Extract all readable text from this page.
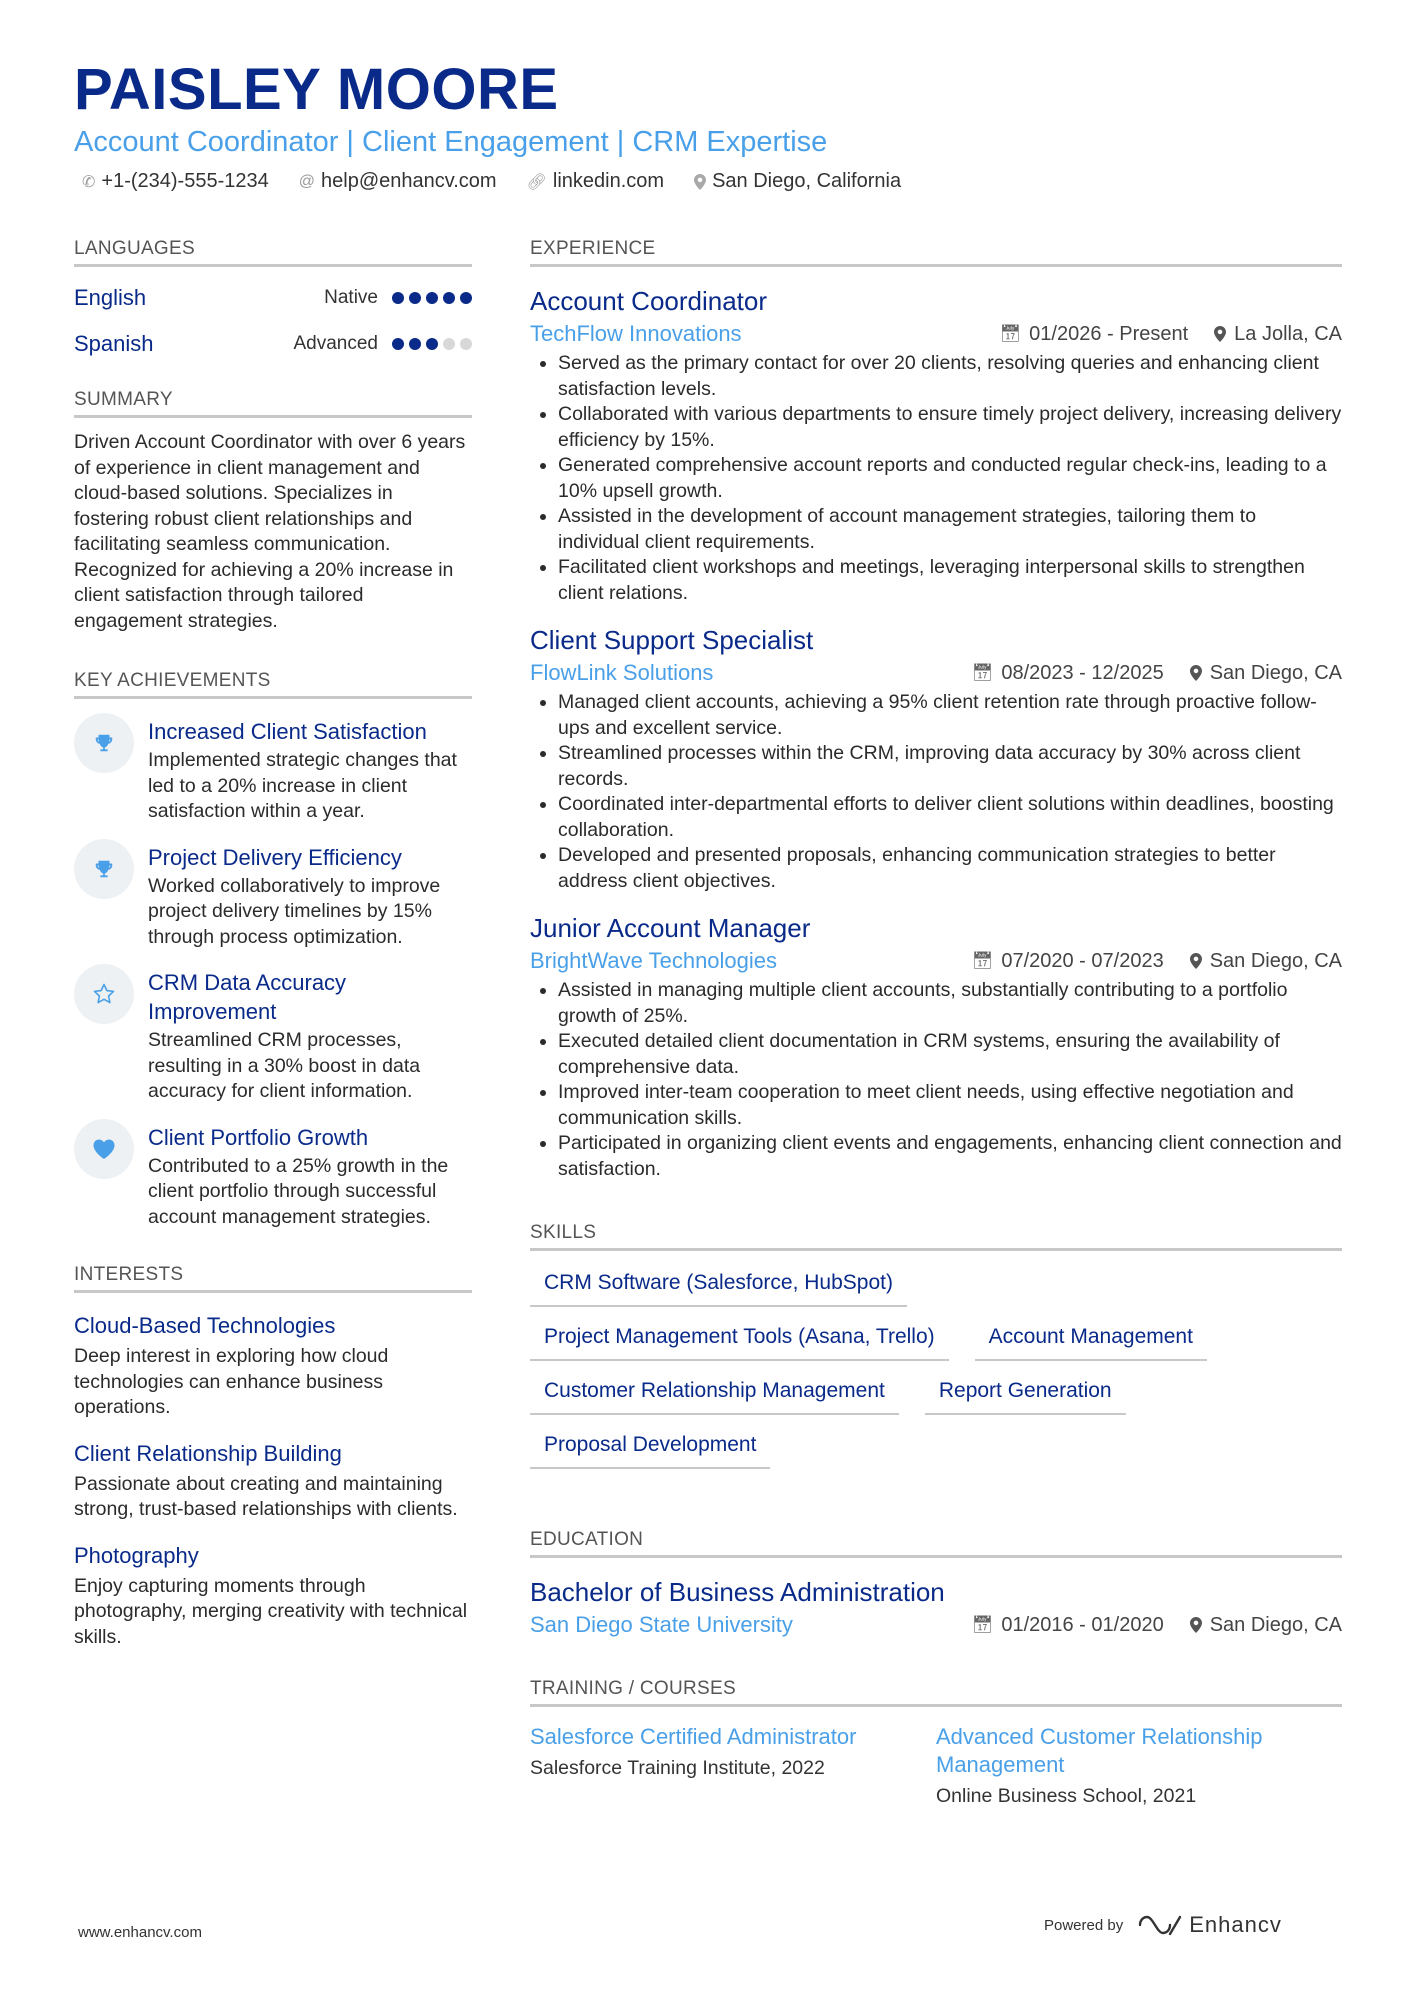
PAISLEY MOORE
Account Coordinator | Client Engagement | CRM Expertise
✆ +1-(234)-555-1234 @ help@enhancv.com 🔗︎ linkedin.com San Diego, California
LANGUAGES
English	Native
Spanish	Advanced
SUMMARY
Driven Account Coordinator with over 6 years of experience in client management and cloud-based solutions. Specializes in fostering robust client relationships and facilitating seamless communication. Recognized for achieving a 20% increase in client satisfaction through tailored engagement strategies.
KEY ACHIEVEMENTS
Increased Client Satisfaction
Implemented strategic changes that led to a 20% increase in client satisfaction within a year.
Project Delivery Efficiency
Worked collaboratively to improve project delivery timelines by 15% through process optimization.
CRM Data Accuracy Improvement
Streamlined CRM processes, resulting in a 30% boost in data accuracy for client information.
Client Portfolio Growth
Contributed to a 25% growth in the client portfolio through successful account management strategies.
INTERESTS
Cloud-Based Technologies
Deep interest in exploring how cloud technologies can enhance business operations.
Client Relationship Building
Passionate about creating and maintaining strong, trust-based relationships with clients.
Photography
Enjoy capturing moments through photography, merging creativity with technical skills.
EXPERIENCE
Account Coordinator
TechFlow Innovations	📅︎ 01/2026 - Present La Jolla, CA
• Served as the primary contact for over 20 clients, resolving queries and enhancing client satisfaction levels.
• Collaborated with various departments to ensure timely project delivery, increasing delivery efficiency by 15%.
• Generated comprehensive account reports and conducted regular check-ins, leading to a 10% upsell growth.
• Assisted in the development of account management strategies, tailoring them to individual client requirements.
• Facilitated client workshops and meetings, leveraging interpersonal skills to strengthen client relations.
Client Support Specialist
FlowLink Solutions	📅︎ 08/2023 - 12/2025 San Diego, CA
• Managed client accounts, achieving a 95% client retention rate through proactive follow-ups and excellent service.
• Streamlined processes within the CRM, improving data accuracy by 30% across client records.
• Coordinated inter-departmental efforts to deliver client solutions within deadlines, boosting collaboration.
• Developed and presented proposals, enhancing communication strategies to better address client objectives.
Junior Account Manager
BrightWave Technologies	📅︎ 07/2020 - 07/2023 San Diego, CA
• Assisted in managing multiple client accounts, substantially contributing to a portfolio growth of 25%.
• Executed detailed client documentation in CRM systems, ensuring the availability of comprehensive data.
• Improved inter-team cooperation to meet client needs, using effective negotiation and communication skills.
• Participated in organizing client events and engagements, enhancing client connection and satisfaction.
SKILLS
CRM Software (Salesforce, HubSpot)
Project Management Tools (Asana, Trello)	Account Management
Customer Relationship Management	Report Generation
Proposal Development
EDUCATION
Bachelor of Business Administration
San Diego State University	📅︎ 01/2016 - 01/2020 San Diego, CA
TRAINING / COURSES
Salesforce Certified Administrator
Salesforce Training Institute, 2022
Advanced Customer Relationship Management
Online Business School, 2021
www.enhancv.com	Powered by	Enhancv
